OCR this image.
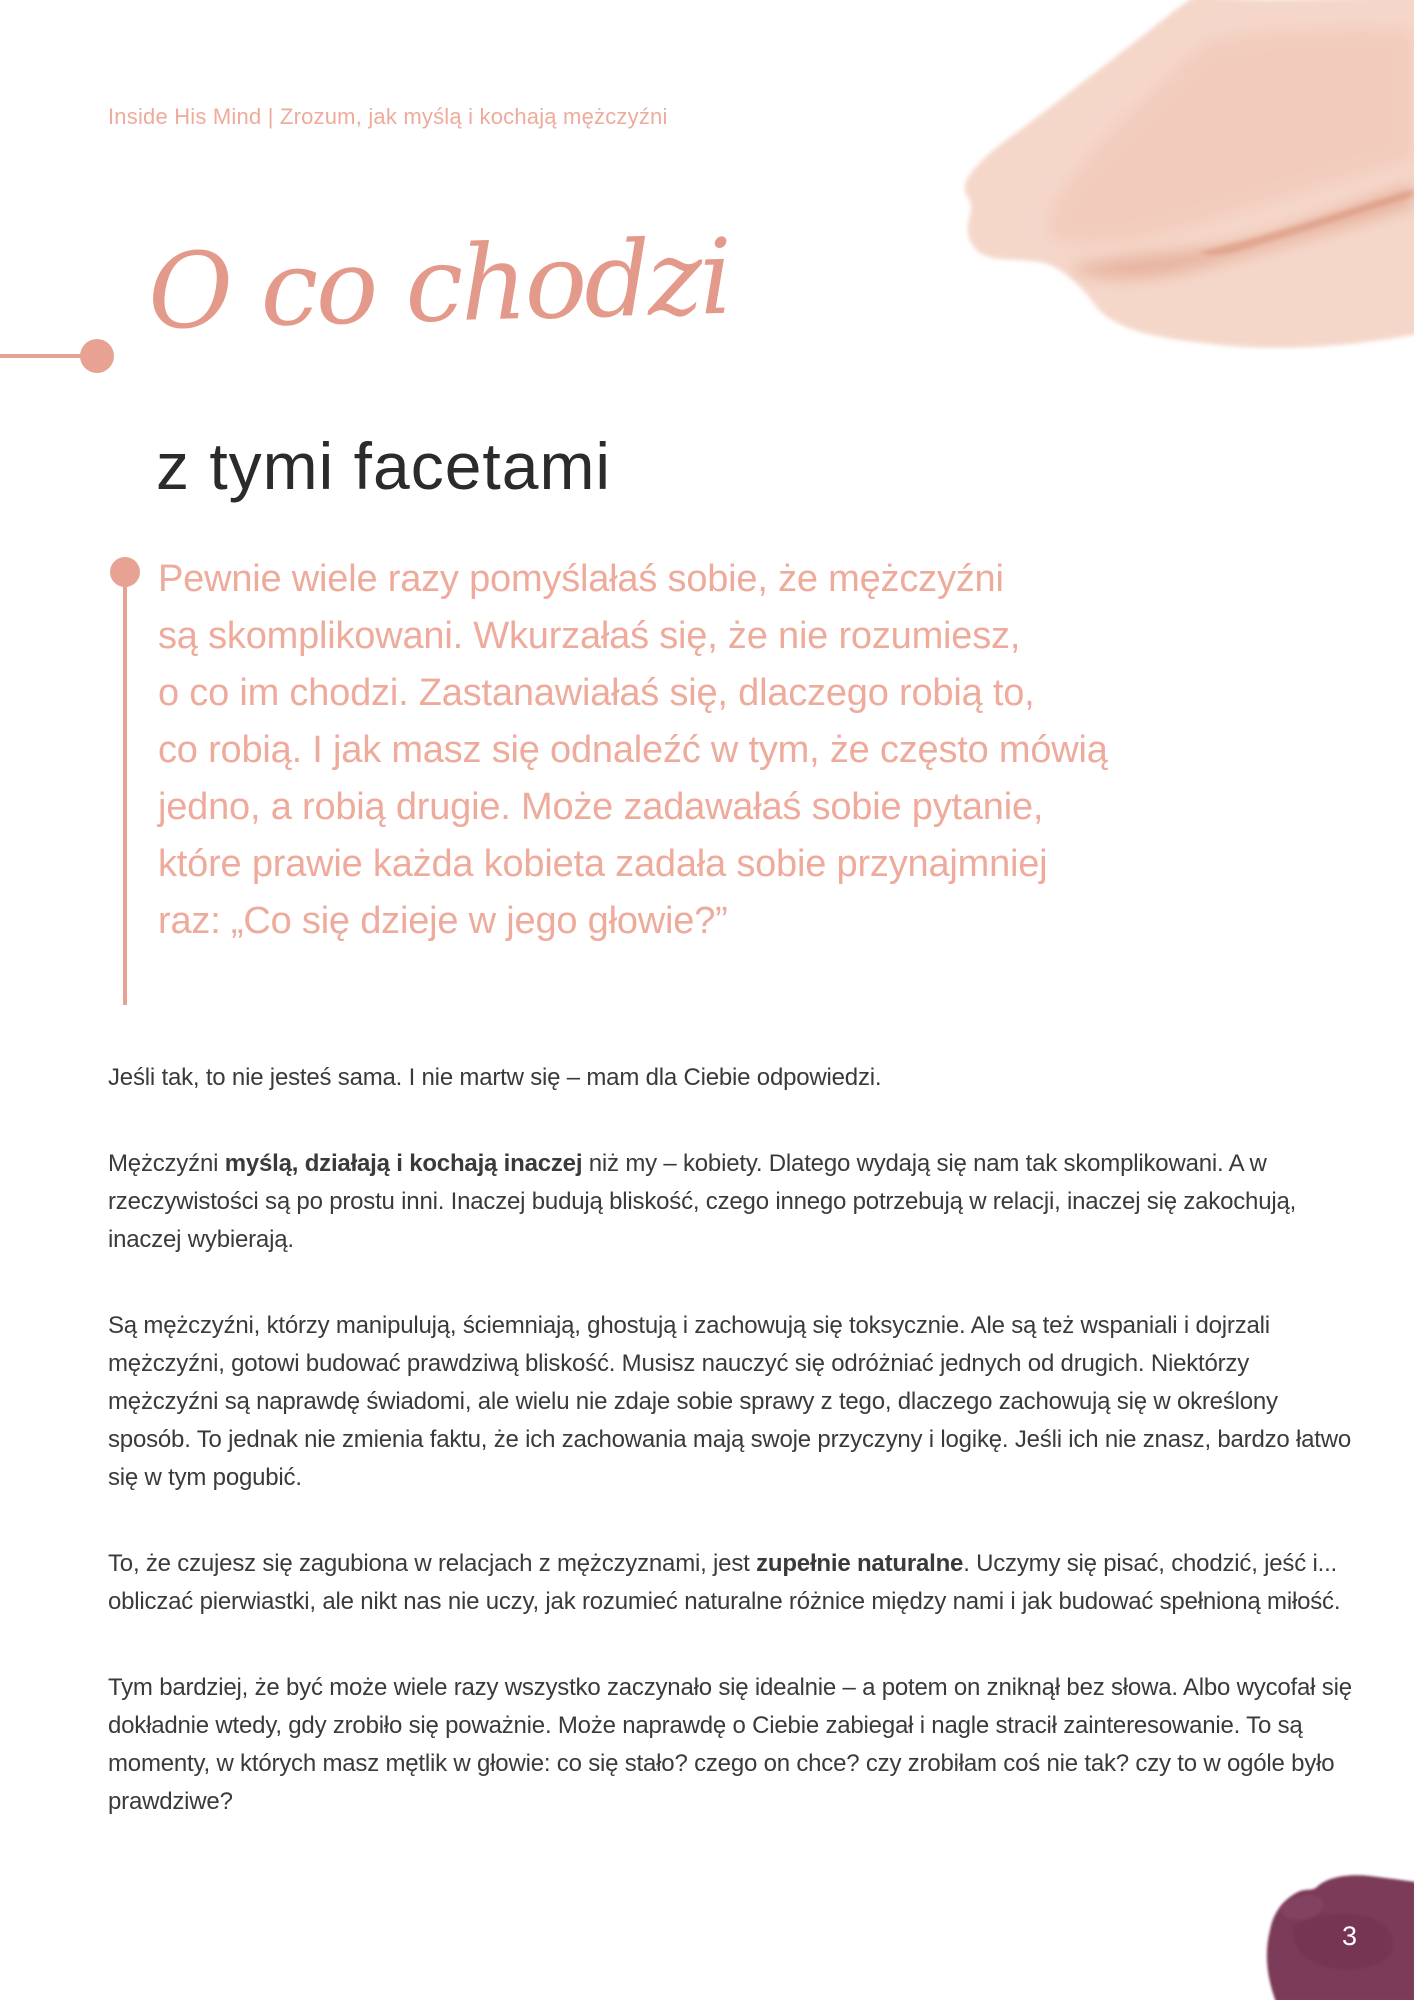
Inside His Mind | Zrozum, jak myślą i kochają mężczyźni
O co chodzi
z tymi facetami
Pewnie wiele razy pomyślałaś sobie, że mężczyźni
są skomplikowani. Wkurzałaś się, że nie rozumiesz,
o co im chodzi. Zastanawiałaś się, dlaczego robią to,
co robią. I jak masz się odnaleźć w tym, że często mówią
jedno, a robią drugie. Może zadawałaś sobie pytanie,
które prawie każda kobieta zadała sobie przynajmniej
raz: „Co się dzieje w jego głowie?”

Jeśli tak, to nie jesteś sama. I nie martw się – mam dla Ciebie odpowiedzi.

Mężczyźni myślą, działają i kochają inaczej niż my – kobiety. Dlatego wydają się nam tak skomplikowani. A w rzeczywistości są po prostu inni. Inaczej budują bliskość, czego innego potrzebują w relacji, inaczej się zakochują, inaczej wybierają.

Są mężczyźni, którzy manipulują, ściemniają, ghostują i zachowują się toksycznie. Ale są też wspaniali i dojrzali mężczyźni, gotowi budować prawdziwą bliskość. Musisz nauczyć się odróżniać jednych od drugich. Niektórzy mężczyźni są naprawdę świadomi, ale wielu nie zdaje sobie sprawy z tego, dlaczego zachowują się w określony sposób. To jednak nie zmienia faktu, że ich zachowania mają swoje przyczyny i logikę. Jeśli ich nie znasz, bardzo łatwo się w tym pogubić.

To, że czujesz się zagubiona w relacjach z mężczyznami, jest zupełnie naturalne. Uczymy się pisać, chodzić, jeść i... obliczać pierwiastki, ale nikt nas nie uczy, jak rozumieć naturalne różnice między nami i jak budować spełnioną miłość.

Tym bardziej, że być może wiele razy wszystko zaczynało się idealnie – a potem on zniknął bez słowa. Albo wycofał się dokładnie wtedy, gdy zrobiło się poważnie. Może naprawdę o Ciebie zabiegał i nagle stracił zainteresowanie. To są momenty, w których masz mętlik w głowie: co się stało? czego on chce? czy zrobiłam coś nie tak? czy to w ogóle było prawdziwe?

3
